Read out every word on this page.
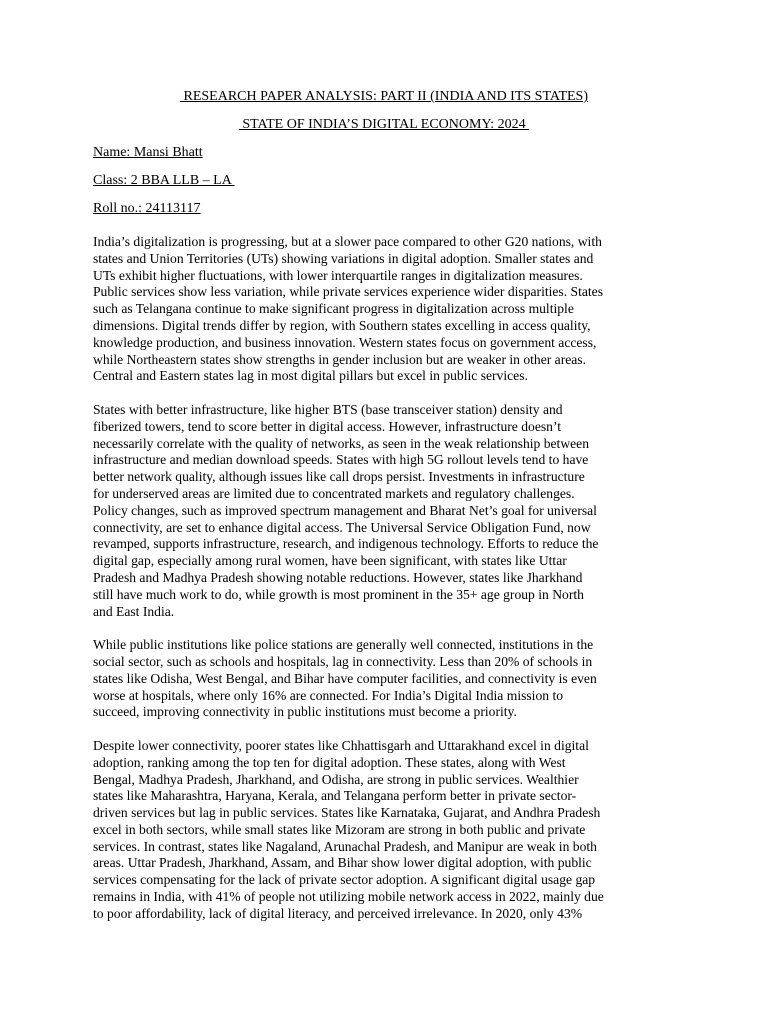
RESEARCH PAPER ANALYSIS: PART II (INDIA AND ITS STATES)
STATE OF INDIA’S DIGITAL ECONOMY: 2024
Name: Mansi Bhatt
Class: 2 BBA LLB – LA
Roll no.: 24113117

India’s digitalization is progressing, but at a slower pace compared to other G20 nations, with
states and Union Territories (UTs) showing variations in digital adoption. Smaller states and
UTs exhibit higher fluctuations, with lower interquartile ranges in digitalization measures.
Public services show less variation, while private services experience wider disparities. States
such as Telangana continue to make significant progress in digitalization across multiple
dimensions. Digital trends differ by region, with Southern states excelling in access quality,
knowledge production, and business innovation. Western states focus on government access,
while Northeastern states show strengths in gender inclusion but are weaker in other areas.
Central and Eastern states lag in most digital pillars but excel in public services.

States with better infrastructure, like higher BTS (base transceiver station) density and
fiberized towers, tend to score better in digital access. However, infrastructure doesn’t
necessarily correlate with the quality of networks, as seen in the weak relationship between
infrastructure and median download speeds. States with high 5G rollout levels tend to have
better network quality, although issues like call drops persist. Investments in infrastructure
for underserved areas are limited due to concentrated markets and regulatory challenges.
Policy changes, such as improved spectrum management and Bharat Net’s goal for universal
connectivity, are set to enhance digital access. The Universal Service Obligation Fund, now
revamped, supports infrastructure, research, and indigenous technology. Efforts to reduce the
digital gap, especially among rural women, have been significant, with states like Uttar
Pradesh and Madhya Pradesh showing notable reductions. However, states like Jharkhand
still have much work to do, while growth is most prominent in the 35+ age group in North
and East India.

While public institutions like police stations are generally well connected, institutions in the
social sector, such as schools and hospitals, lag in connectivity. Less than 20% of schools in
states like Odisha, West Bengal, and Bihar have computer facilities, and connectivity is even
worse at hospitals, where only 16% are connected. For India’s Digital India mission to
succeed, improving connectivity in public institutions must become a priority.

Despite lower connectivity, poorer states like Chhattisgarh and Uttarakhand excel in digital
adoption, ranking among the top ten for digital adoption. These states, along with West
Bengal, Madhya Pradesh, Jharkhand, and Odisha, are strong in public services. Wealthier
states like Maharashtra, Haryana, Kerala, and Telangana perform better in private sector-
driven services but lag in public services. States like Karnataka, Gujarat, and Andhra Pradesh
excel in both sectors, while small states like Mizoram are strong in both public and private
services. In contrast, states like Nagaland, Arunachal Pradesh, and Manipur are weak in both
areas. Uttar Pradesh, Jharkhand, Assam, and Bihar show lower digital adoption, with public
services compensating for the lack of private sector adoption. A significant digital usage gap
remains in India, with 41% of people not utilizing mobile network access in 2022, mainly due
to poor affordability, lack of digital literacy, and perceived irrelevance. In 2020, only 43%
